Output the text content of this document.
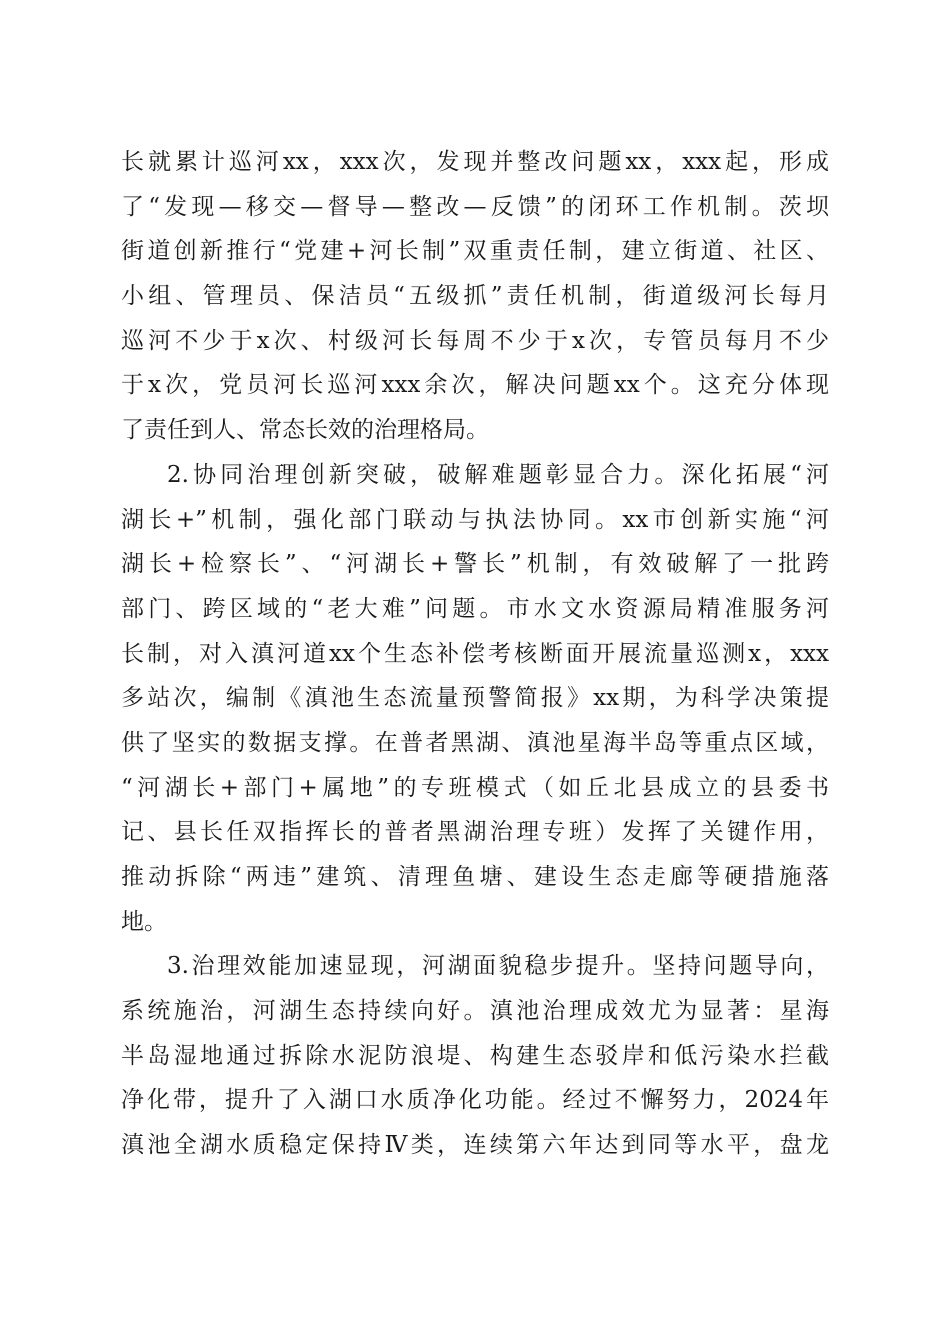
长就累计巡河xx，xxx次，发现并整改问题xx，xxx起，形成
了“发现—移交—督导—整改—反馈”的闭环工作机制。茨坝
街道创新推行“党建+河长制”双重责任制，建立街道、社区、
小组、管理员、保洁员“五级抓”责任机制，街道级河长每月
巡河不少于x次、村级河长每周不少于x次，专管员每月不少
于x次，党员河长巡河xxx余次，解决问题xx个。这充分体现
了责任到人、常态长效的治理格局。
2.协同治理创新突破，破解难题彰显合力。深化拓展“河
湖长+”机制，强化部门联动与执法协同。xx市创新实施“河
湖长+检察长”、“河湖长+警长”机制，有效破解了一批跨
部门、跨区域的“老大难”问题。市水文水资源局精准服务河
长制，对入滇河道xx个生态补偿考核断面开展流量巡测x，xxx
多站次，编制《滇池生态流量预警简报》xx期，为科学决策提
供了坚实的数据支撑。在普者黑湖、滇池星海半岛等重点区域，
“河湖长+部门+属地”的专班模式（如丘北县成立的县委书
记、县长任双指挥长的普者黑湖治理专班）发挥了关键作用，
推动拆除“两违”建筑、清理鱼塘、建设生态走廊等硬措施落
地。
3.治理效能加速显现，河湖面貌稳步提升。坚持问题导向，
系统施治，河湖生态持续向好。滇池治理成效尤为显著：星海
半岛湿地通过拆除水泥防浪堤、构建生态驳岸和低污染水拦截
净化带，提升了入湖口水质净化功能。经过不懈努力，2024年
滇池全湖水质稳定保持Ⅳ类，连续第六年达到同等水平，盘龙
